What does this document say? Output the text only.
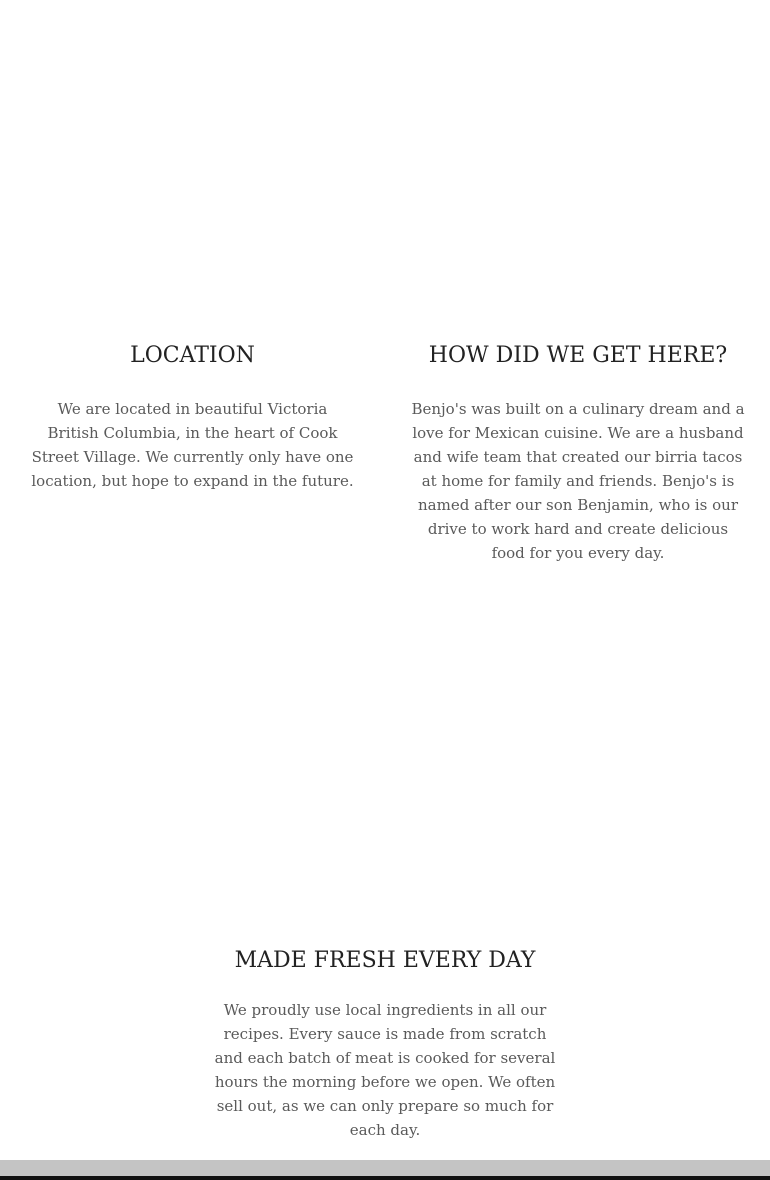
LOCATION

We are located in beautiful Victoria British Columbia, in the heart of Cook Street Village. We currently only have one location, but hope to expand in the future.

HOW DID WE GET HERE?

Benjo's was built on a culinary dream and a love for Mexican cuisine. We are a husband and wife team that created our birria tacos at home for family and friends. Benjo's is named after our son Benjamin, who is our drive to work hard and create delicious food for you every day.

MADE FRESH EVERY DAY

We proudly use local ingredients in all our recipes. Every sauce is made from scratch and each batch of meat is cooked for several hours the morning before we open. We often sell out, as we can only prepare so much for each day.
